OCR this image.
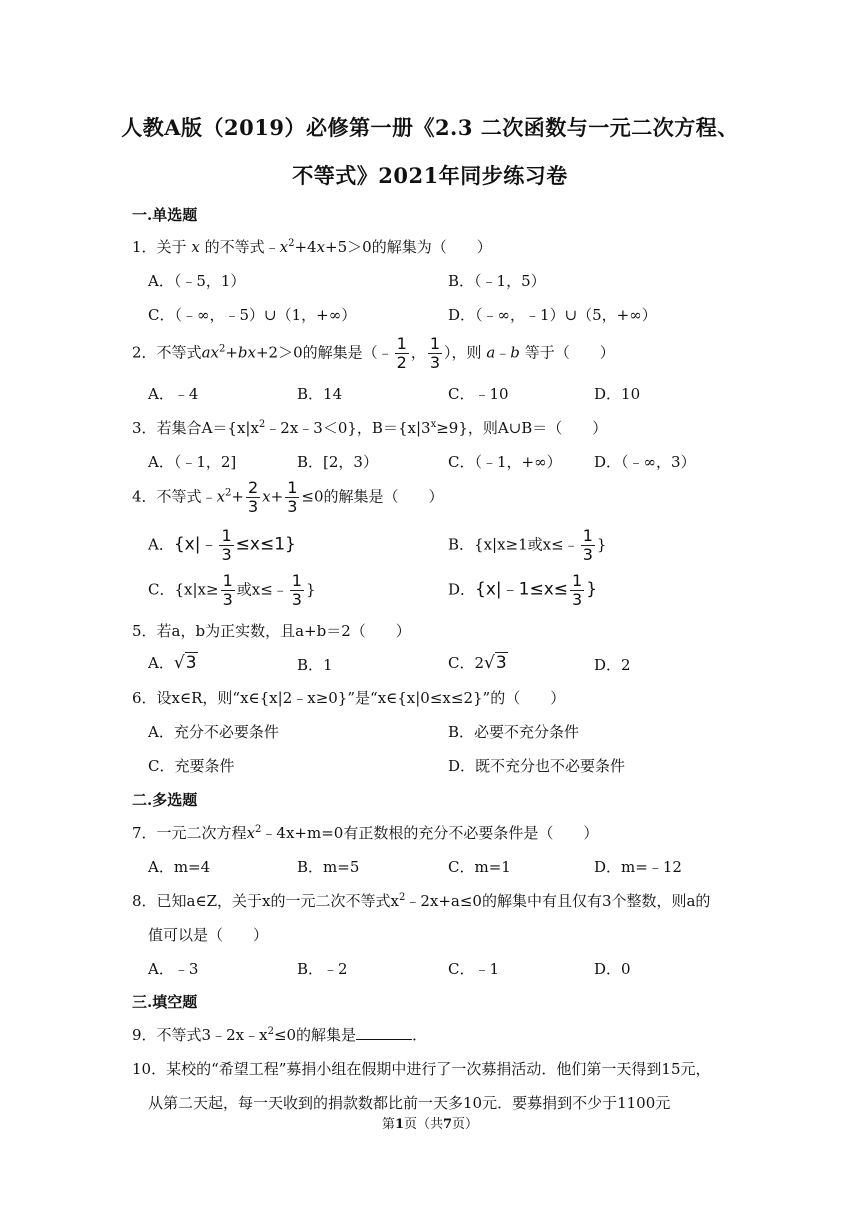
人教A版（2019）必修第一册《2.3 二次函数与一元二次方程、
不等式》2021年同步练习卷
一.单选题
1．关于 x 的不等式$﹣x^2+4x+5>0$的解集为（　　）
A．（﹣5，1）	B．（﹣1，5）
C．（﹣∞，﹣5）∪（1，+∞）	D．（﹣∞，﹣1）∪（5，+∞）
2．不等式$ax^2+bx+2>0$的解集是（﹣ $\frac{1}{2}$ ， $\frac{1}{3}$ ），则 a﹣b 等于（　　）
A．﹣4	B．14	C．﹣10	D．10
3．若集合$A=\{x|x^2﹣2x﹣3<0\}$，$B=\{x|3^x\ge 9\}$，则A∪B＝（　　）
A．（﹣1，2]	B．[2，3）	C．（﹣1，+∞） D．（﹣∞，3）
4．不等式$﹣x^2+ \frac{2}{3} x+ \frac{1}{3} \le 0$的解集是（　　）
A．{x|﹣ $\frac{1}{3} \le x\le 1$}	B．{x|x≥1或x≤﹣ $\frac{1}{3}$ }
C．{$x|x\ge \frac{1}{3}$ 或x≤﹣ $\frac{1}{3}$ }	D．{x|﹣1≤x≤ $\frac{1}{3}$ }
5．若a，b为正实数，且a+b＝2（　　）
A．√3	B．1	C．2√3	D．2
6．设x∈R，则“x∈{x|2﹣x≥0}”是“x∈{x|0≤x≤2}”的（　　）
A．充分不必要条件	B．必要不充分条件
C．充要条件	D．既不充分也不必要条件
二.多选题
7．一元二次方程$x^2﹣4x+m=0$有正数根的充分不必要条件是（　　）
A．m=4	B．m=5	C．m=1	D．m=﹣12
8．已知a∈Z，关于x的一元二次不等式$x^2﹣2x+a\le 0$的解集中有且仅有3个整数，则a的
值可以是（　　）
A．﹣3	B．﹣2	C．﹣1	D．0
三.填空题
9．不等式$3﹣2x﹣x^2\le 0$的解集是	．
10．某校的“希望工程”募捐小组在假期中进行了一次募捐活动．他们第一天得到15元，
从第二天起，每一天收到的捐款数都比前一天多10元．要募捐到不少于1100元
第1页（共7页）
